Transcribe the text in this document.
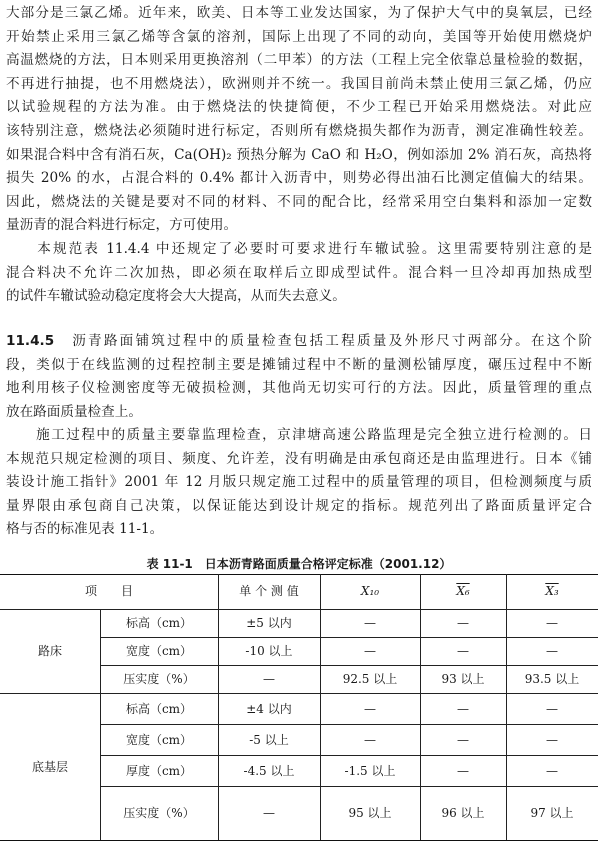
大部分是三氯乙烯。近年来，欧美、日本等工业发达国家，为了保护大气中的臭氧层，已经
开始禁止采用三氯乙烯等含氯的溶剂，国际上出现了不同的动向，美国等开始使用燃烧炉
高温燃烧的方法，日本则采用更换溶剂（二甲苯）的方法（工程上完全依靠总量检验的数据，
不再进行抽提，也不用燃烧法），欧洲则并不统一。我国目前尚未禁止使用三氯乙烯，仍应
以试验规程的方法为准。由于燃烧法的快捷简便，不少工程已开始采用燃烧法。对此应
该特别注意，燃烧法必须随时进行标定，否则所有燃烧损失都作为沥青，测定准确性较差。
如果混合料中含有消石灰，Ca(OH)₂ 预热分解为 CaO 和 H₂O，例如添加 2% 消石灰，高热将
损失 20% 的水，占混合料的 0.4% 都计入沥青中，则势必得出油石比测定值偏大的结果。
因此，燃烧法的关键是要对不同的材料、不同的配合比，经常采用空白集料和添加一定数
量沥青的混合料进行标定，方可使用。
　　本规范表 11.4.4 中还规定了必要时可要求进行车辙试验。这里需要特别注意的是
混合料决不允许二次加热，即必须在取样后立即成型试件。混合料一旦冷却再加热成型
的试件车辙试验动稳定度将会大大提高，从而失去意义。
11.4.5　沥青路面铺筑过程中的质量检查包括工程质量及外形尺寸两部分。在这个阶
段，类似于在线监测的过程控制主要是摊铺过程中不断的量测松铺厚度，碾压过程中不断
地利用核子仪检测密度等无破损检测，其他尚无切实可行的方法。因此，质量管理的重点
放在路面质量检查上。
　　施工过程中的质量主要靠监理检查，京津塘高速公路监理是完全独立进行检测的。日
本规范只规定检测的项目、频度、允许差，没有明确是由承包商还是由监理进行。日本《铺
装设计施工指针》2001 年 12 月版只规定施工过程中的质量管理的项目，但检测频度与质
量界限由承包商自己决策，以保证能达到设计规定的指标。规范列出了路面质量评定合
格与否的标准见表 11-1。
表 11-1　日本沥青路面质量合格评定标准（2001.12）
项　　目	单 个 测 值	X₁₀	X₆	X₃
路床
标高（cm）	±5 以内	—	—	—
宽度（cm）	-10 以上	—	—	—
压实度（%）	—	92.5 以上	93 以上	93.5 以上
底基层
标高（cm）	±4 以内	—	—	—
宽度（cm）	-5 以上	—	—	—
厚度（cm）	-4.5 以上	-1.5 以上	—	—
压实度（%）	—	95 以上	96 以上	97 以上
